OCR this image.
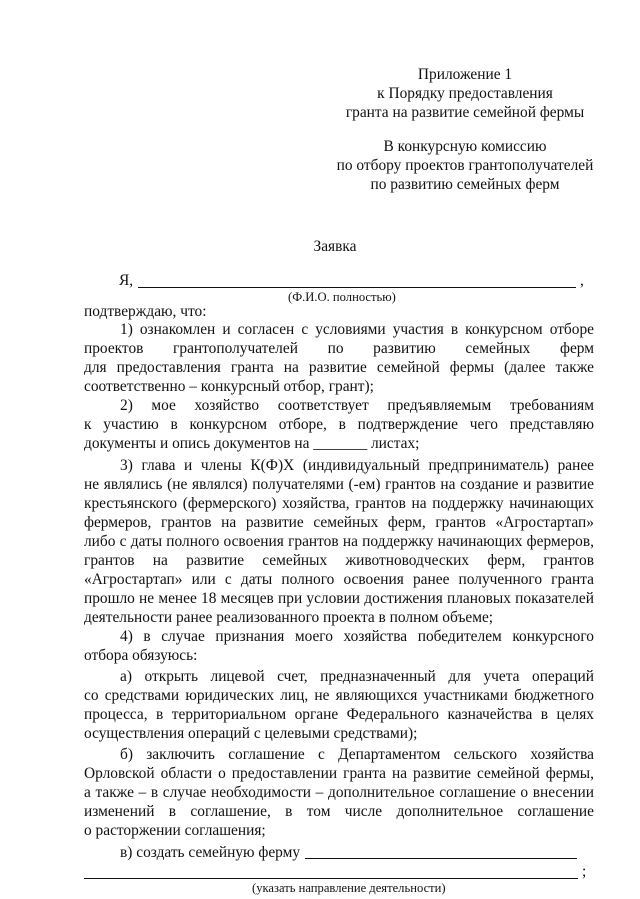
Приложение 1
к Порядку предоставления
гранта на развитие семейной фермы
В конкурсную комиссию
по отбору проектов грантополучателей
по развитию семейных ферм
Заявка
Я,	,
(Ф.И.О. полностью)
подтверждаю, что:

1) ознакомлен и согласен с условиями участия в конкурсном отборе

проектов грантополучателей по развитию семейных ферм

для предоставления гранта на развитие семейной фермы (далее также

соответственно – конкурсный отбор, грант);

2) мое хозяйство соответствует предъявляемым требованиям

к участию в конкурсном отборе, в подтверждение чего представляю

документы и опись документов на _______ листах;

3) глава и члены К(Ф)Х (индивидуальный предприниматель) ранее

не являлись (не являлся) получателями (-ем) грантов на создание и развитие

крестьянского (фермерского) хозяйства, грантов на поддержку начинающих

фермеров, грантов на развитие семейных ферм, грантов «Агростартап»

либо с даты полного освоения грантов на поддержку начинающих фермеров,

грантов на развитие семейных животноводческих ферм, грантов

«Агростартап» или с даты полного освоения ранее полученного гранта

прошло не менее 18 месяцев при условии достижения плановых показателей

деятельности ранее реализованного проекта в полном объеме;

4) в случае признания моего хозяйства победителем конкурсного

отбора обязуюсь:

а) открыть лицевой счет, предназначенный для учета операций

со средствами юридических лиц, не являющихся участниками бюджетного

процесса, в территориальном органе Федерального казначейства в целях

осуществления операций с целевыми средствами);

б) заключить соглашение с Департаментом сельского хозяйства

Орловской области о предоставлении гранта на развитие семейной фермы,

а также – в случае необходимости – дополнительное соглашение о внесении

изменений в соглашение, в том числе дополнительное соглашение

о расторжении соглашения;

в) создать семейную ферму
;
(указать направление деятельности)
